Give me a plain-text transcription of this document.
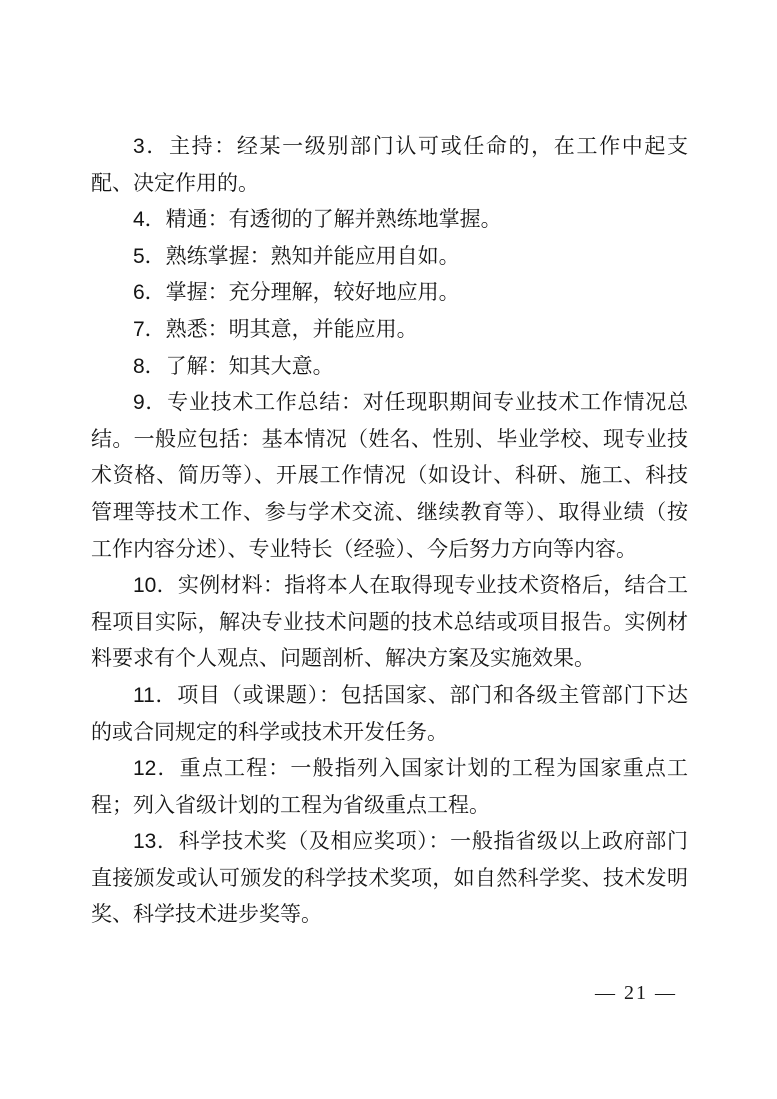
3．主持：经某一级别部门认可或任命的，在工作中起支配、决定作用的。

4．精通：有透彻的了解并熟练地掌握。

5．熟练掌握：熟知并能应用自如。

6．掌握：充分理解，较好地应用。

7．熟悉：明其意，并能应用。

8．了解：知其大意。

9．专业技术工作总结：对任现职期间专业技术工作情况总结。一般应包括：基本情况（姓名、性别、毕业学校、现专业技术资格、简历等）、开展工作情况（如设计、科研、施工、科技管理等技术工作、参与学术交流、继续教育等）、取得业绩（按工作内容分述）、专业特长（经验）、今后努力方向等内容。

10．实例材料：指将本人在取得现专业技术资格后，结合工程项目实际，解决专业技术问题的技术总结或项目报告。实例材料要求有个人观点、问题剖析、解决方案及实施效果。

11．项目（或课题）：包括国家、部门和各级主管部门下达的或合同规定的科学或技术开发任务。

12．重点工程：一般指列入国家计划的工程为国家重点工程；列入省级计划的工程为省级重点工程。

13．科学技术奖（及相应奖项）：一般指省级以上政府部门直接颁发或认可颁发的科学技术奖项，如自然科学奖、技术发明奖、科学技术进步奖等。

— 21 —
